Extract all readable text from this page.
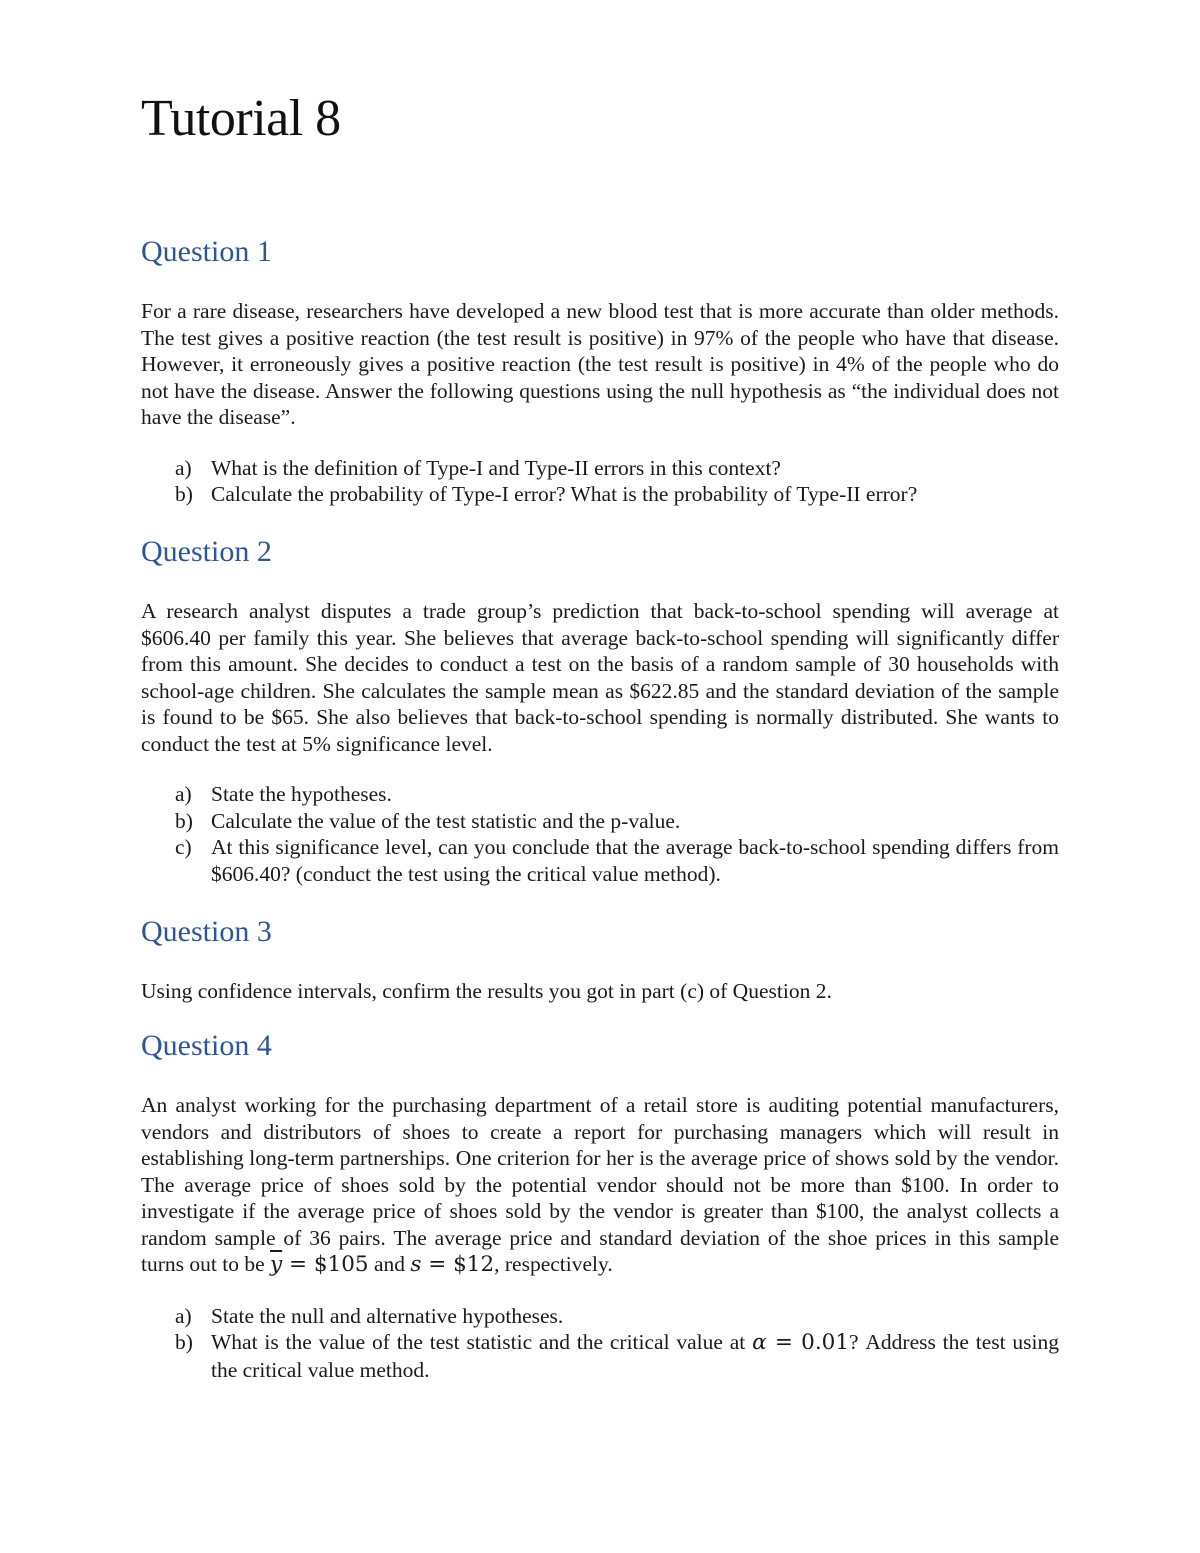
Tutorial 8
Question 1

For a rare disease, researchers have developed a new blood test that is more accurate than older methods. The test gives a positive reaction (the test result is positive) in 97% of the people who have that disease. However, it erroneously gives a positive reaction (the test result is positive) in 4% of the people who do not have the disease. Answer the following questions using the null hypothesis as “the individual does not have the disease”.

a) What is the definition of Type-I and Type-II errors in this context?
b) Calculate the probability of Type-I error? What is the probability of Type-II error?
Question 2

A research analyst disputes a trade group’s prediction that back-to-school spending will average at $606.40 per family this year. She believes that average back-to-school spending will significantly differ from this amount. She decides to conduct a test on the basis of a random sample of 30 households with school-age children. She calculates the sample mean as $622.85 and the standard deviation of the sample is found to be $65. She also believes that back-to-school spending is normally distributed. She wants to conduct the test at 5% significance level.

a) State the hypotheses.
b) Calculate the value of the test statistic and the p-value.
c) At this significance level, can you conclude that the average back-to-school spending differs from $606.40? (conduct the test using the critical value method).
Question 3

Using confidence intervals, confirm the results you got in part (c) of Question 2.

Question 4

An analyst working for the purchasing department of a retail store is auditing potential manufacturers, vendors and distributors of shoes to create a report for purchasing managers which will result in establishing long-term partnerships. One criterion for her is the average price of shows sold by the vendor. The average price of shoes sold by the potential vendor should not be more than $100. In order to investigate if the average price of shoes sold by the vendor is greater than $100, the analyst collects a random sample of 36 pairs. The average price and standard deviation of the shoe prices in this sample turns out to be $\overline{y}$ = $105 and s = $12, respectively.

a) State the null and alternative hypotheses.
b) What is the value of the test statistic and the critical value at α = 0.01? Address the test using the critical value method.
